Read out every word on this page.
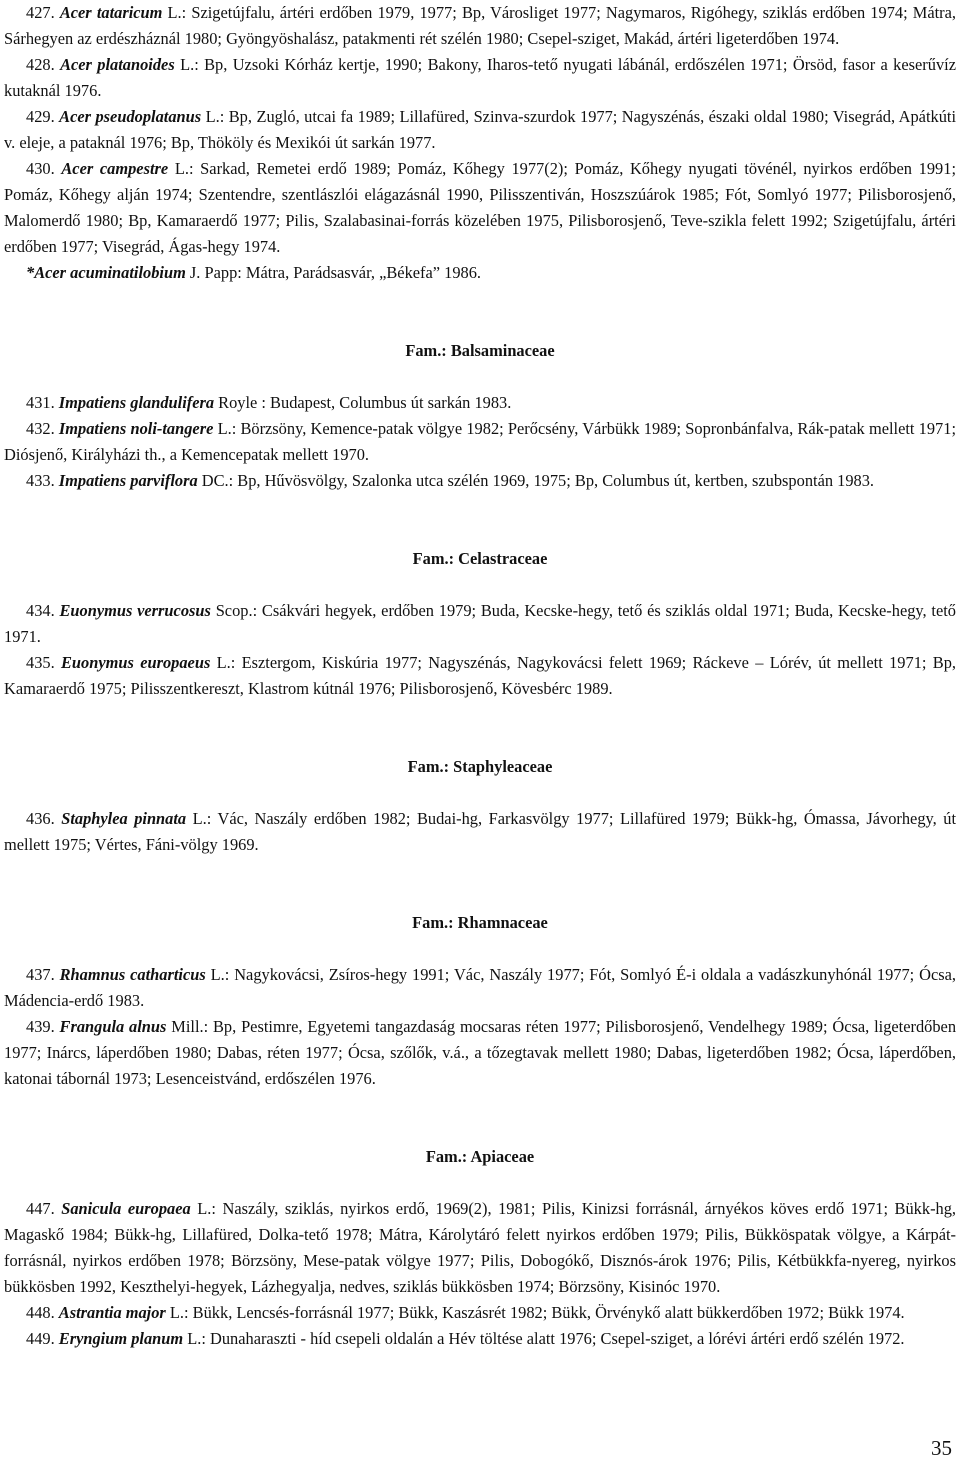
427. Acer tataricum L.: Szigetújfalu, ártéri erdőben 1979, 1977; Bp, Városliget 1977; Nagymaros, Rigóhegy, sziklás erdőben 1974; Mátra, Sárhegyen az erdészháznál 1980; Gyöngyöshalász, patakmenti rét szélén 1980; Csepel-sziget, Makád, ártéri ligeterdőben 1974.

428. Acer platanoides L.: Bp, Uzsoki Kórház kertje, 1990; Bakony, Iharos-tető nyugati lábánál, erdőszélen 1971; Örsöd, fasor a keserűvíz kutaknál 1976.

429. Acer pseudoplatanus L.: Bp, Zugló, utcai fa 1989; Lillafüred, Szinva-szurdok 1977; Nagyszénás, északi oldal 1980; Visegrád, Apátkúti v. eleje, a pataknál 1976; Bp, Thököly és Mexikói út sarkán 1977.

430. Acer campestre L.: Sarkad, Remetei erdő 1989; Pomáz, Kőhegy 1977(2); Pomáz, Kőhegy nyugati tövénél, nyirkos erdőben 1991; Pomáz, Kőhegy alján 1974; Szentendre, szentlászlói elágazásnál 1990, Pilisszentiván, Hoszszúárok 1985; Fót, Somlyó 1977; Pilisborosjenő, Malomerdő 1980; Bp, Kamaraerdő 1977; Pilis, Szalabasinai-forrás közelében 1975, Pilisborosjenő, Teve-szikla felett 1992; Szigetújfalu, ártéri erdőben 1977; Visegrád, Ágas-hegy 1974.

*Acer acuminatilobium J. Papp: Mátra, Parádsasvár, „Békefa” 1986.

Fam.: Balsaminaceae

431. Impatiens glandulifera Royle : Budapest, Columbus út sarkán 1983.

432. Impatiens noli-tangere L.: Börzsöny, Kemence-patak völgye 1982; Perőcsény, Várbükk 1989; Sopronbánfalva, Rák-patak mellett 1971; Diósjenő, Királyházi th., a Kemencepatak mellett 1970.

433. Impatiens parviflora DC.: Bp, Hűvösvölgy, Szalonka utca szélén 1969, 1975; Bp, Columbus út, kertben, szubspontán 1983.

Fam.: Celastraceae

434. Euonymus verrucosus Scop.: Csákvári hegyek, erdőben 1979; Buda, Kecske-hegy, tető és sziklás oldal 1971; Buda, Kecske-hegy, tető 1971.

435. Euonymus europaeus L.: Esztergom, Kiskúria 1977; Nagyszénás, Nagykovácsi felett 1969; Ráckeve – Lórév, út mellett 1971; Bp, Kamaraerdő 1975; Pilisszentkereszt, Klastrom kútnál 1976; Pilisborosjenő, Kövesbérc 1989.

Fam.: Staphyleaceae

436. Staphylea pinnata L.: Vác, Naszály erdőben 1982; Budai-hg, Farkasvölgy 1977; Lillafüred 1979; Bükk-hg, Ómassa, Jávorhegy, út mellett 1975; Vértes, Fáni-völgy 1969.

Fam.: Rhamnaceae

437. Rhamnus catharticus L.: Nagykovácsi, Zsíros-hegy 1991; Vác, Naszály 1977; Fót, Somlyó É-i oldala a vadászkunyhónál 1977; Ócsa, Mádencia-erdő 1983.

439. Frangula alnus Mill.: Bp, Pestimre, Egyetemi tangazdaság mocsaras réten 1977; Pilisborosjenő, Vendelhegy 1989; Ócsa, ligeterdőben 1977; Inárcs, láperdőben 1980; Dabas, réten 1977; Ócsa, szőlők, v.á., a tőzegtavak mellett 1980; Dabas, ligeterdőben 1982; Ócsa, láperdőben, katonai tábornál 1973; Lesenceistvánd, erdőszélen 1976.

Fam.: Apiaceae

447. Sanicula europaea L.: Naszály, sziklás, nyirkos erdő, 1969(2), 1981; Pilis, Kinizsi forrásnál, árnyékos köves erdő 1971; Bükk-hg, Magaskő 1984; Bükk-hg, Lillafüred, Dolka-tető 1978; Mátra, Károlytáró felett nyirkos erdőben 1979; Pilis, Bükköspatak völgye, a Kárpát-forrásnál, nyirkos erdőben 1978; Börzsöny, Mese-patak völgye 1977; Pilis, Dobogókő, Disznós-árok 1976; Pilis, Kétbükkfa-nyereg, nyirkos bükkösben 1992, Keszthelyi-hegyek, Lázhegyalja, nedves, sziklás bükkösben 1974; Börzsöny, Kisinóc 1970.

448. Astrantia major L.: Bükk, Lencsés-forrásnál 1977; Bükk, Kaszásrét 1982; Bükk, Örvénykő alatt bükkerdőben 1972; Bükk 1974.

449. Eryngium planum L.: Dunaharaszti - híd csepeli oldalán a Hév töltése alatt 1976; Csepel-sziget, a lórévi ártéri erdő szélén 1972.

35
